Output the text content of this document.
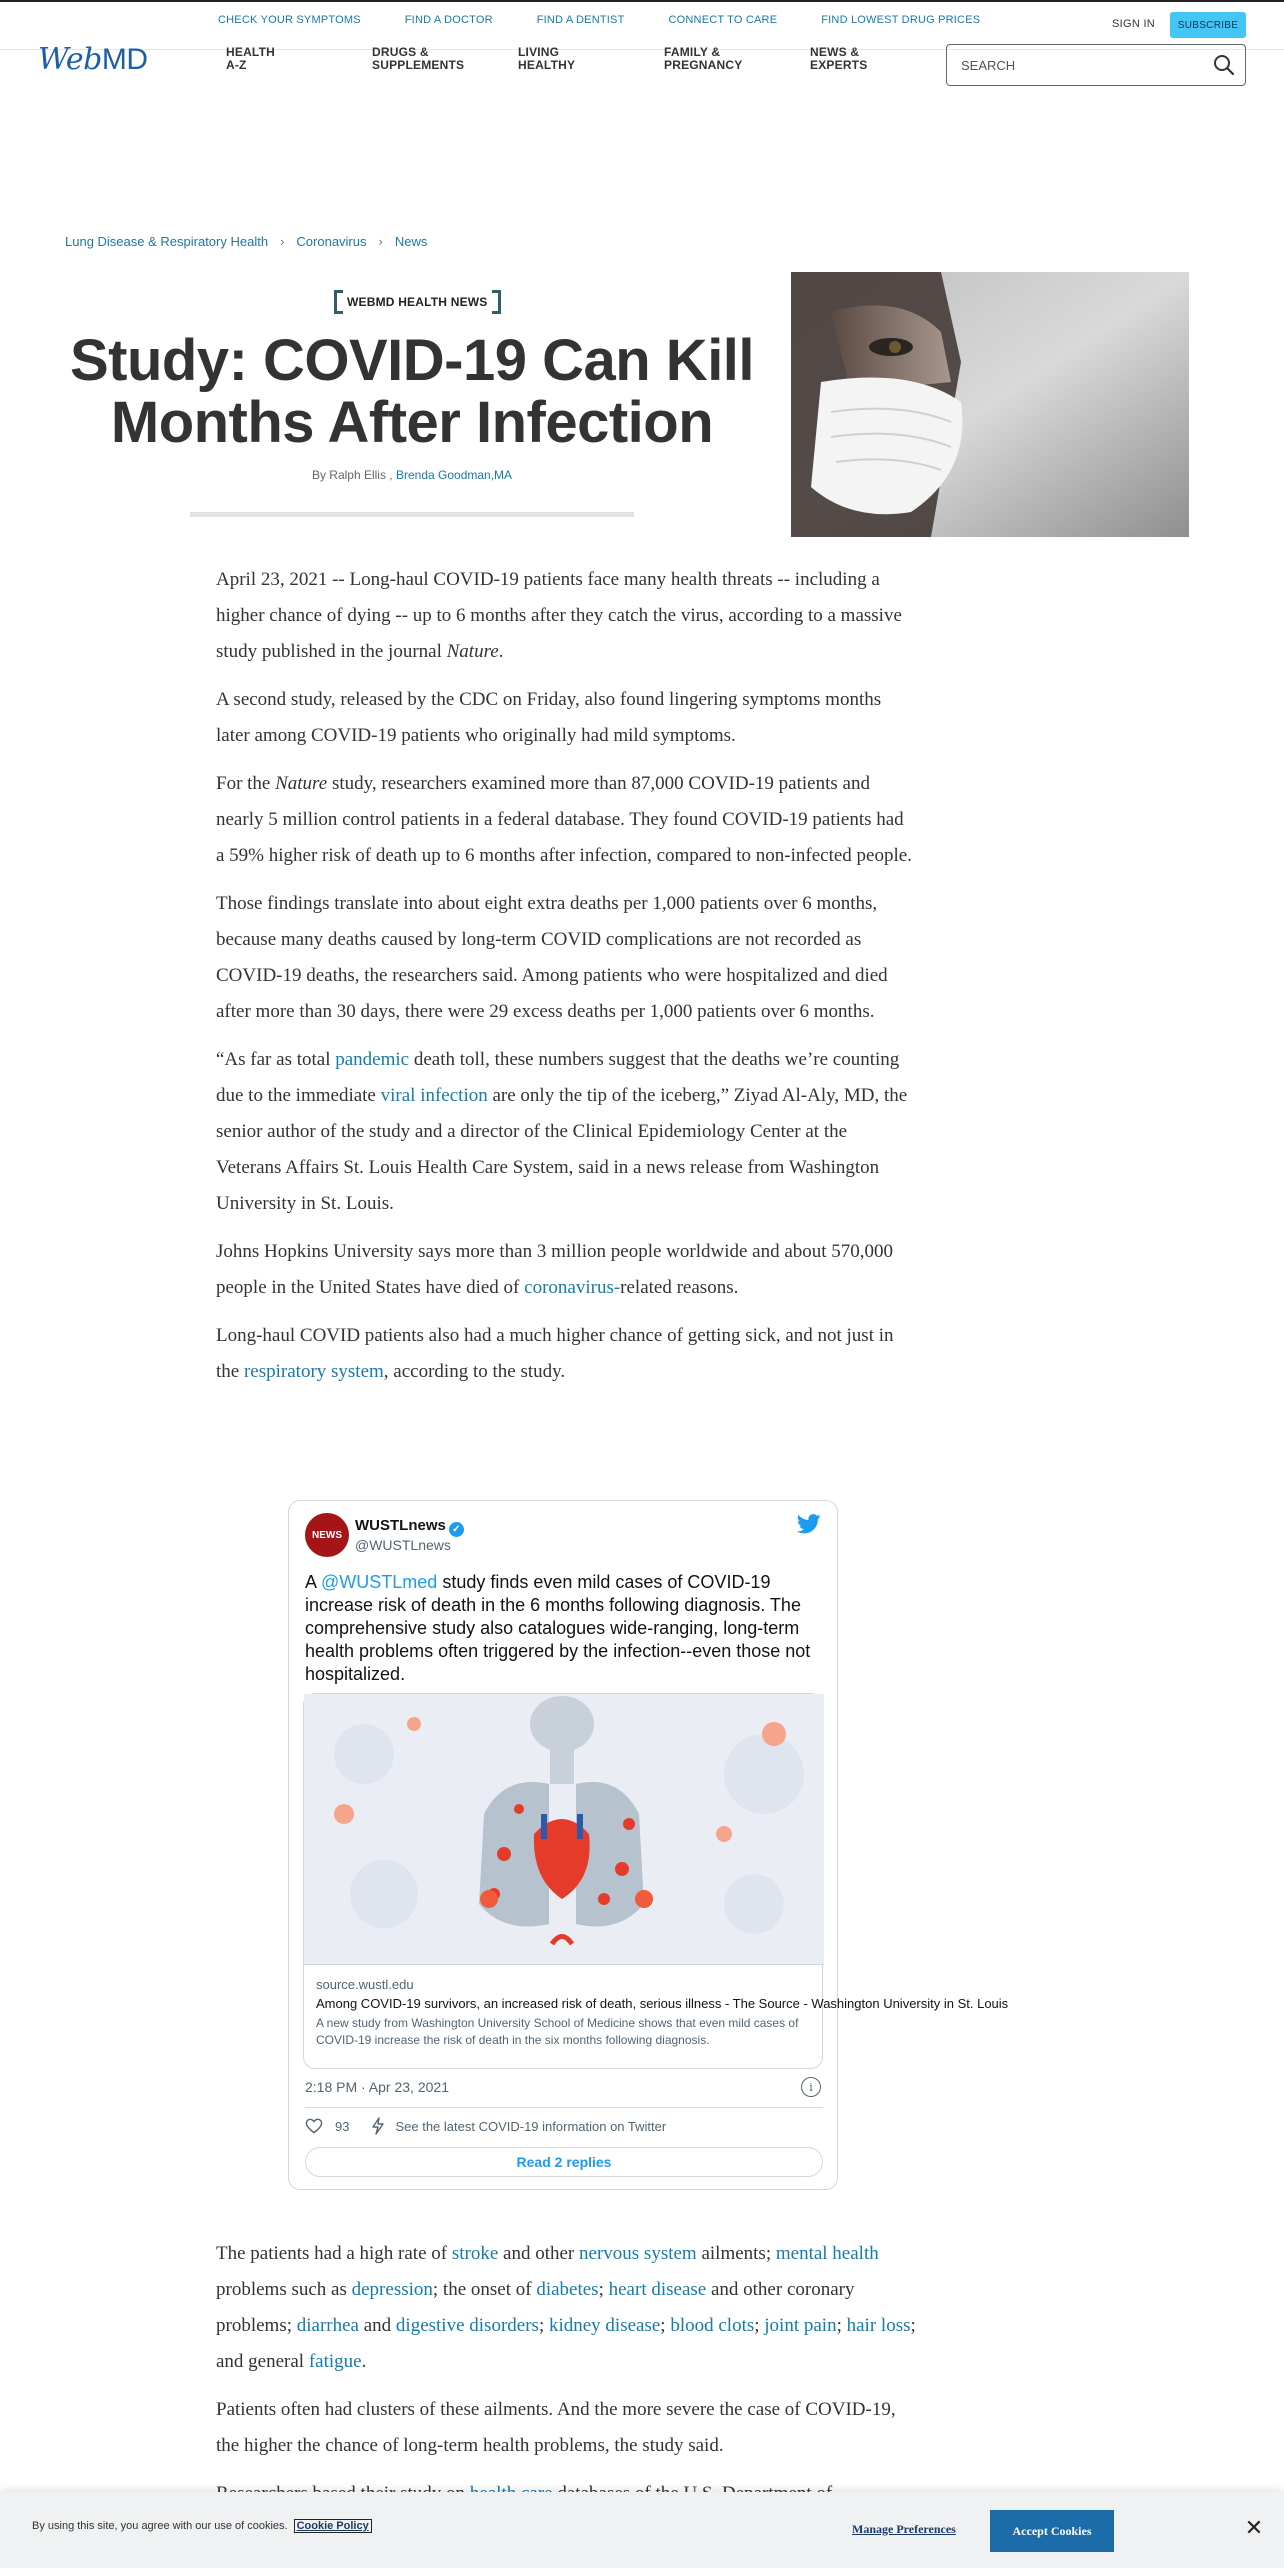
CHECK YOUR SYMPTOMS	FIND A DOCTOR	FIND A DENTIST	CONNECT TO CARE	FIND LOWEST DRUG PRICES	SIGN IN	SUBSCRIBE
WebMD	HEALTH
A-Z
DRUGS &
SUPPLEMENTS
LIVING
HEALTHY
FAMILY &
PREGNANCY
NEWS &
EXPERTS
SEARCH
Lung Disease & Respiratory Health › Coronavirus › News
WEBMD HEALTH NEWS
Study: COVID-19 Can Kill Months After Infection
By Ralph Ellis , Brenda Goodman,MA

April 23, 2021 -- Long-haul COVID-19 patients face many health threats -- including a higher chance of dying -- up to 6 months after they catch the virus, according to a massive study published in the journal Nature.

A second study, released by the CDC on Friday, also found lingering symptoms months later among COVID-19 patients who originally had mild symptoms.

For the Nature study, researchers examined more than 87,000 COVID-19 patients and nearly 5 million control patients in a federal database. They found COVID-19 patients had a 59% higher risk of death up to 6 months after infection, compared to non-infected people.

Those findings translate into about eight extra deaths per 1,000 patients over 6 months, because many deaths caused by long-term COVID complications are not recorded as COVID-19 deaths, the researchers said. Among patients who were hospitalized and died after more than 30 days, there were 29 excess deaths per 1,000 patients over 6 months.

“As far as total pandemic death toll, these numbers suggest that the deaths we’re counting due to the immediate viral infection are only the tip of the iceberg,” Ziyad Al-Aly, MD, the senior author of the study and a director of the Clinical Epidemiology Center at the Veterans Affairs St. Louis Health Care System, said in a news release from Washington University in St. Louis.

Johns Hopkins University says more than 3 million people worldwide and about 570,000 people in the United States have died of coronavirus-related reasons.

Long-haul COVID patients also had a much higher chance of getting sick, and not just in the respiratory system, according to the study.

NEWS
WUSTLnews ✓
@WUSTLnews
A @WUSTLmed study finds even mild cases of COVID-19 increase risk of death in the 6 months following diagnosis. The comprehensive study also catalogues wide-ranging, long-term health problems often triggered by the infection--even those not hospitalized.
source.wustl.edu
Among COVID-19 survivors, an increased risk of death, serious illness - The Source - Washington University in St. Louis
A new study from Washington University School of Medicine shows that even mild cases of COVID-19 increase the risk of death in the six months following diagnosis.
2:18 PM · Apr 23, 2021	i
93	See the latest COVID-19 information on Twitter
Read 2 replies

The patients had a high rate of stroke and other nervous system ailments; mental health problems such as depression; the onset of diabetes; heart disease and other coronary problems; diarrhea and digestive disorders; kidney disease; blood clots; joint pain; hair loss; and general fatigue.

Patients often had clusters of these ailments. And the more severe the case of COVID-19, the higher the chance of long-term health problems, the study said.

By using this site, you agree with our use of cookies. Cookie Policy	Manage Preferences	Accept Cookies	✕
